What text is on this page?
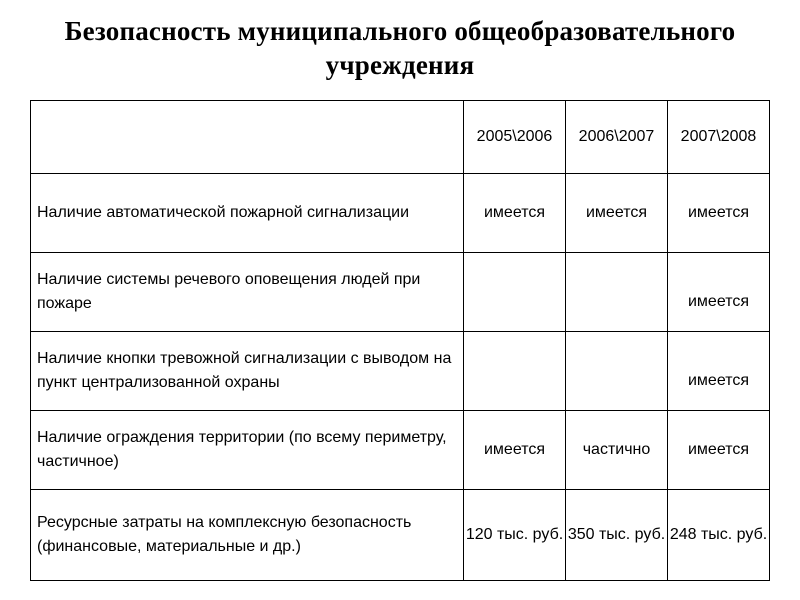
Безопасность муниципального общеобразовательного
учреждения
	2005\2006	2006\2007	2007\2008
Наличие автоматической пожарной сигнализации	имеется	имеется	имеется
Наличие системы речевого оповещения людей при пожаре			имеется

Наличие кнопки тревожной сигнализации с выводом на пункт централизованной охраны			имеется

Наличие ограждения территории (по всему периметру, частичное)	имеется	частично	имеется
Ресурсные затраты на комплексную безопасность (финансовые, материальные и др.)	120 тыс. руб.	350 тыс. руб.	248 тыс. руб.
